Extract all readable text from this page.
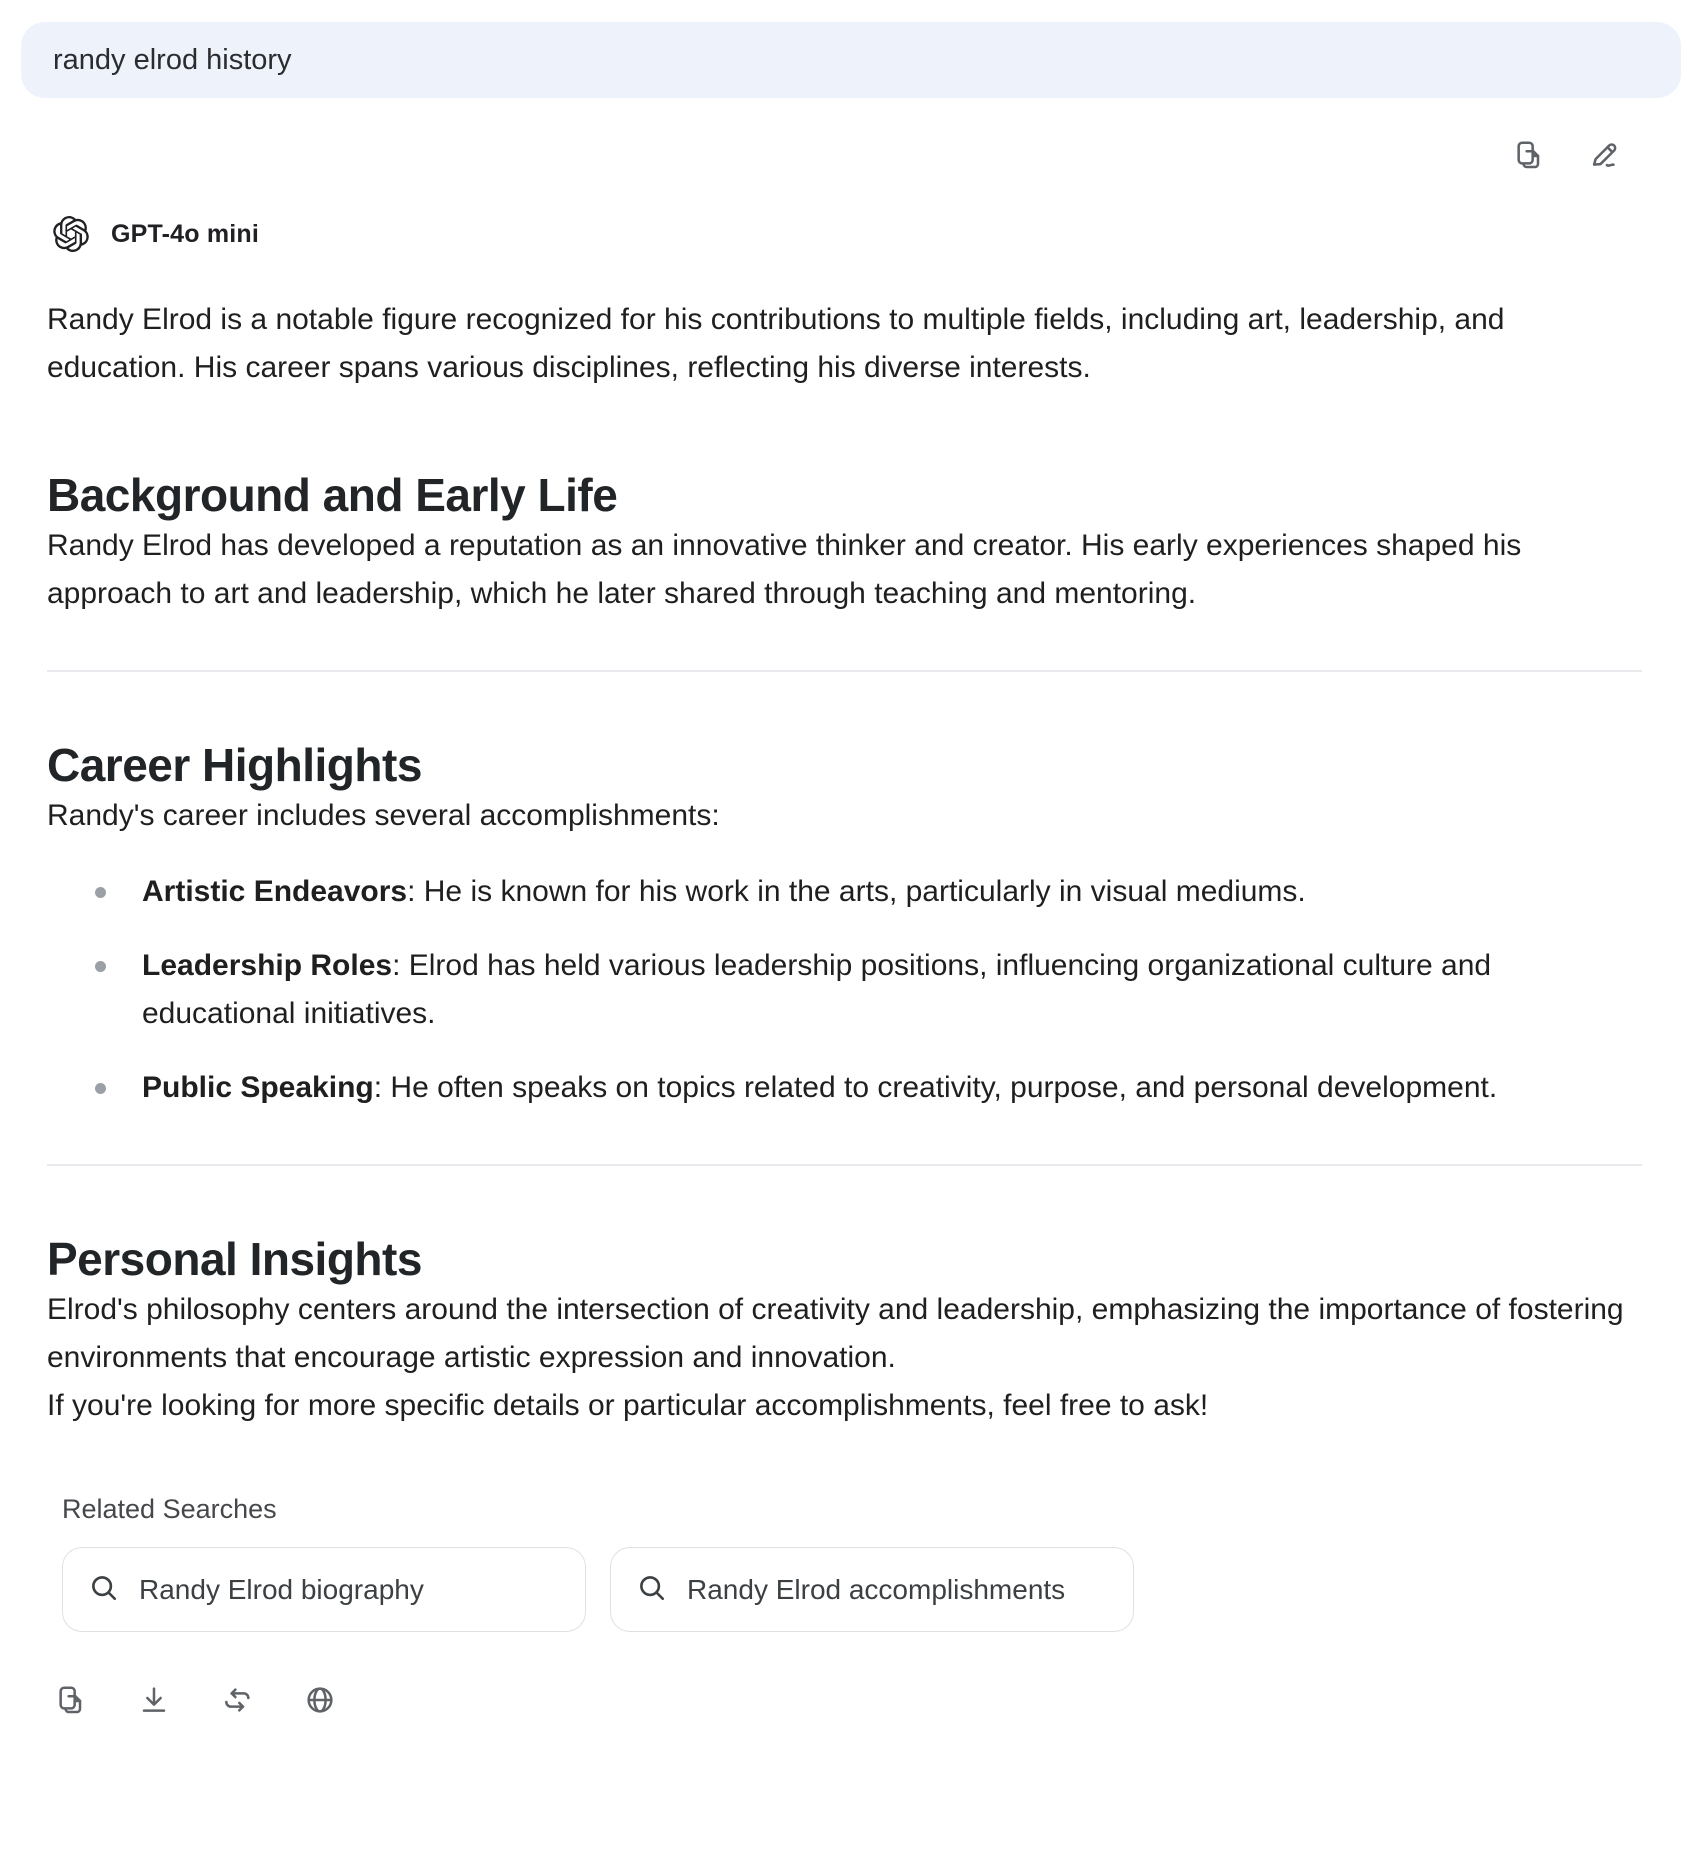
randy elrod history
GPT-4o mini

Randy Elrod is a notable figure recognized for his contributions to multiple fields, including art, leadership, and education. His career spans various disciplines, reflecting his diverse interests.

Background and Early Life

Randy Elrod has developed a reputation as an innovative thinker and creator. His early experiences shaped his approach to art and leadership, which he later shared through teaching and mentoring.

Career Highlights

Randy's career includes several accomplishments:

Artistic Endeavors: He is known for his work in the arts, particularly in visual mediums.
Leadership Roles: Elrod has held various leadership positions, influencing organizational culture and educational initiatives.
Public Speaking: He often speaks on topics related to creativity, purpose, and personal development.
Personal Insights

Elrod's philosophy centers around the intersection of creativity and leadership, emphasizing the importance of fostering environments that encourage artistic expression and innovation.

If you're looking for more specific details or particular accomplishments, feel free to ask!

Related Searches
Randy Elrod biography	Randy Elrod accomplishments
